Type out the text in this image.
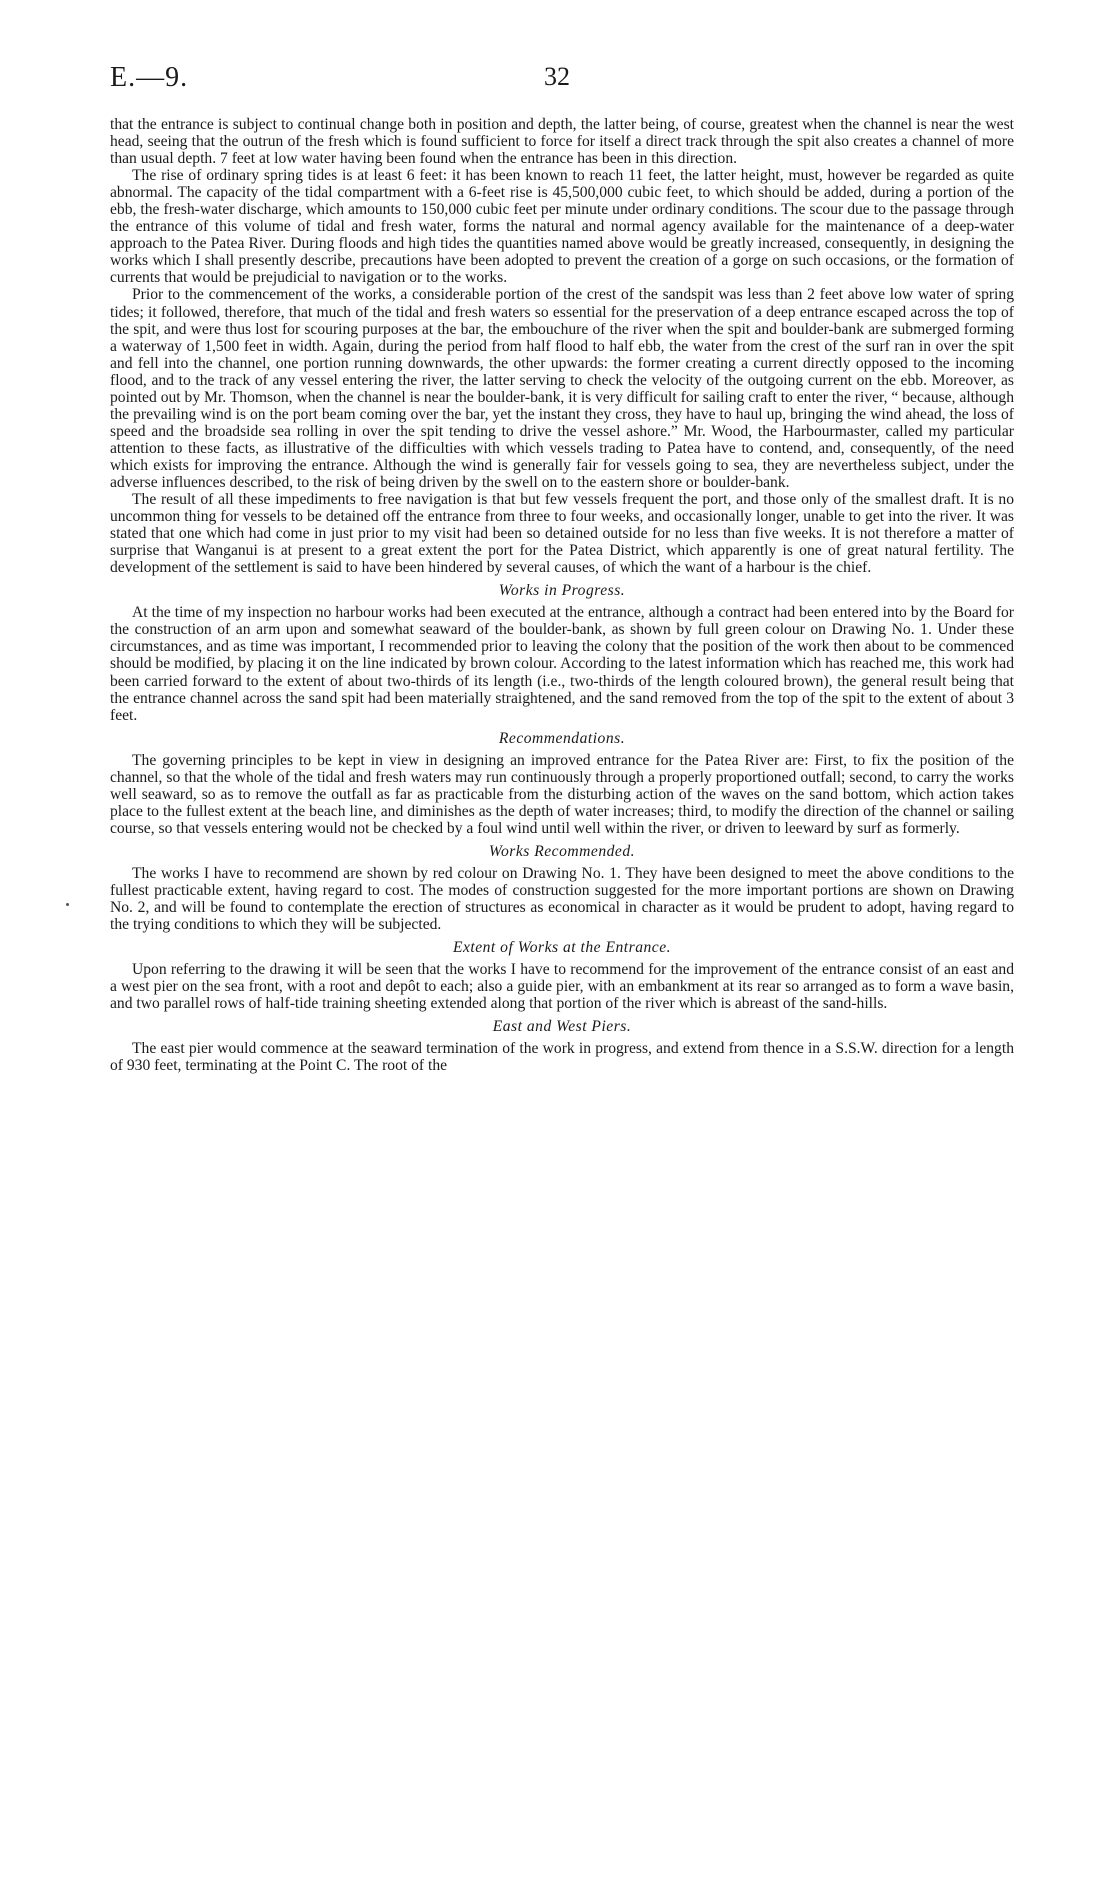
E.—9.	32

that the entrance is subject to continual change both in position and depth, the latter being, of course, greatest when the channel is near the west head, seeing that the outrun of the fresh which is found sufficient to force for itself a direct track through the spit also creates a channel of more than usual depth. 7 feet at low water having been found when the entrance has been in this direction.

The rise of ordinary spring tides is at least 6 feet: it has been known to reach 11 feet, the latter height, must, however be regarded as quite abnormal. The capacity of the tidal compartment with a 6-feet rise is 45,500,000 cubic feet, to which should be added, during a portion of the ebb, the fresh-water discharge, which amounts to 150,000 cubic feet per minute under ordinary conditions. The scour due to the passage through the entrance of this volume of tidal and fresh water, forms the natural and normal agency available for the maintenance of a deep-water approach to the Patea River. During floods and high tides the quantities named above would be greatly increased, consequently, in designing the works which I shall presently describe, precautions have been adopted to prevent the creation of a gorge on such occasions, or the formation of currents that would be prejudicial to navigation or to the works.

Prior to the commencement of the works, a considerable portion of the crest of the sandspit was less than 2 feet above low water of spring tides; it followed, therefore, that much of the tidal and fresh waters so essential for the preservation of a deep entrance escaped across the top of the spit, and were thus lost for scouring purposes at the bar, the embouchure of the river when the spit and boulder-bank are submerged forming a waterway of 1,500 feet in width. Again, during the period from half flood to half ebb, the water from the crest of the surf ran in over the spit and fell into the channel, one portion running downwards, the other upwards: the former creating a current directly opposed to the incoming flood, and to the track of any vessel entering the river, the latter serving to check the velocity of the outgoing current on the ebb. Moreover, as pointed out by Mr. Thomson, when the channel is near the boulder-bank, it is very difficult for sailing craft to enter the river, “ because, although the prevailing wind is on the port beam coming over the bar, yet the instant they cross, they have to haul up, bringing the wind ahead, the loss of speed and the broadside sea rolling in over the spit tending to drive the vessel ashore.” Mr. Wood, the Harbourmaster, called my particular attention to these facts, as illustrative of the difficulties with which vessels trading to Patea have to contend, and, consequently, of the need which exists for improving the entrance. Although the wind is generally fair for vessels going to sea, they are nevertheless subject, under the adverse influences described, to the risk of being driven by the swell on to the eastern shore or boulder-bank.

The result of all these impediments to free navigation is that but few vessels frequent the port, and those only of the smallest draft. It is no uncommon thing for vessels to be detained off the entrance from three to four weeks, and occasionally longer, unable to get into the river. It was stated that one which had come in just prior to my visit had been so detained outside for no less than five weeks. It is not therefore a matter of surprise that Wanganui is at present to a great extent the port for the Patea District, which apparently is one of great natural fertility. The development of the settlement is said to have been hindered by several causes, of which the want of a harbour is the chief.

Works in Progress.

At the time of my inspection no harbour works had been executed at the entrance, although a contract had been entered into by the Board for the construction of an arm upon and somewhat seaward of the boulder-bank, as shown by full green colour on Drawing No. 1. Under these circumstances, and as time was important, I recommended prior to leaving the colony that the position of the work then about to be commenced should be modified, by placing it on the line indicated by brown colour. According to the latest information which has reached me, this work had been carried forward to the extent of about two-thirds of its length (i.e., two-thirds of the length coloured brown), the general result being that the entrance channel across the sand spit had been materially straightened, and the sand removed from the top of the spit to the extent of about 3 feet.

Recommendations.

The governing principles to be kept in view in designing an improved entrance for the Patea River are: First, to fix the position of the channel, so that the whole of the tidal and fresh waters may run continuously through a properly proportioned outfall; second, to carry the works well seaward, so as to remove the outfall as far as practicable from the disturbing action of the waves on the sand bottom, which action takes place to the fullest extent at the beach line, and diminishes as the depth of water increases; third, to modify the direction of the channel or sailing course, so that vessels entering would not be checked by a foul wind until well within the river, or driven to leeward by surf as formerly.

Works Recommended.

The works I have to recommend are shown by red colour on Drawing No. 1. They have been designed to meet the above conditions to the fullest practicable extent, having regard to cost. The modes of construction suggested for the more important portions are shown on Drawing No. 2, and will be found to contemplate the erection of structures as economical in character as it would be prudent to adopt, having regard to the trying conditions to which they will be subjected.

Extent of Works at the Entrance.

Upon referring to the drawing it will be seen that the works I have to recommend for the improvement of the entrance consist of an east and a west pier on the sea front, with a root and depôt to each; also a guide pier, with an embankment at its rear so arranged as to form a wave basin, and two parallel rows of half-tide training sheeting extended along that portion of the river which is abreast of the sand-hills.

East and West Piers.

The east pier would commence at the seaward termination of the work in progress, and extend from thence in a S.S.W. direction for a length of 930 feet, terminating at the Point C. The root of the
